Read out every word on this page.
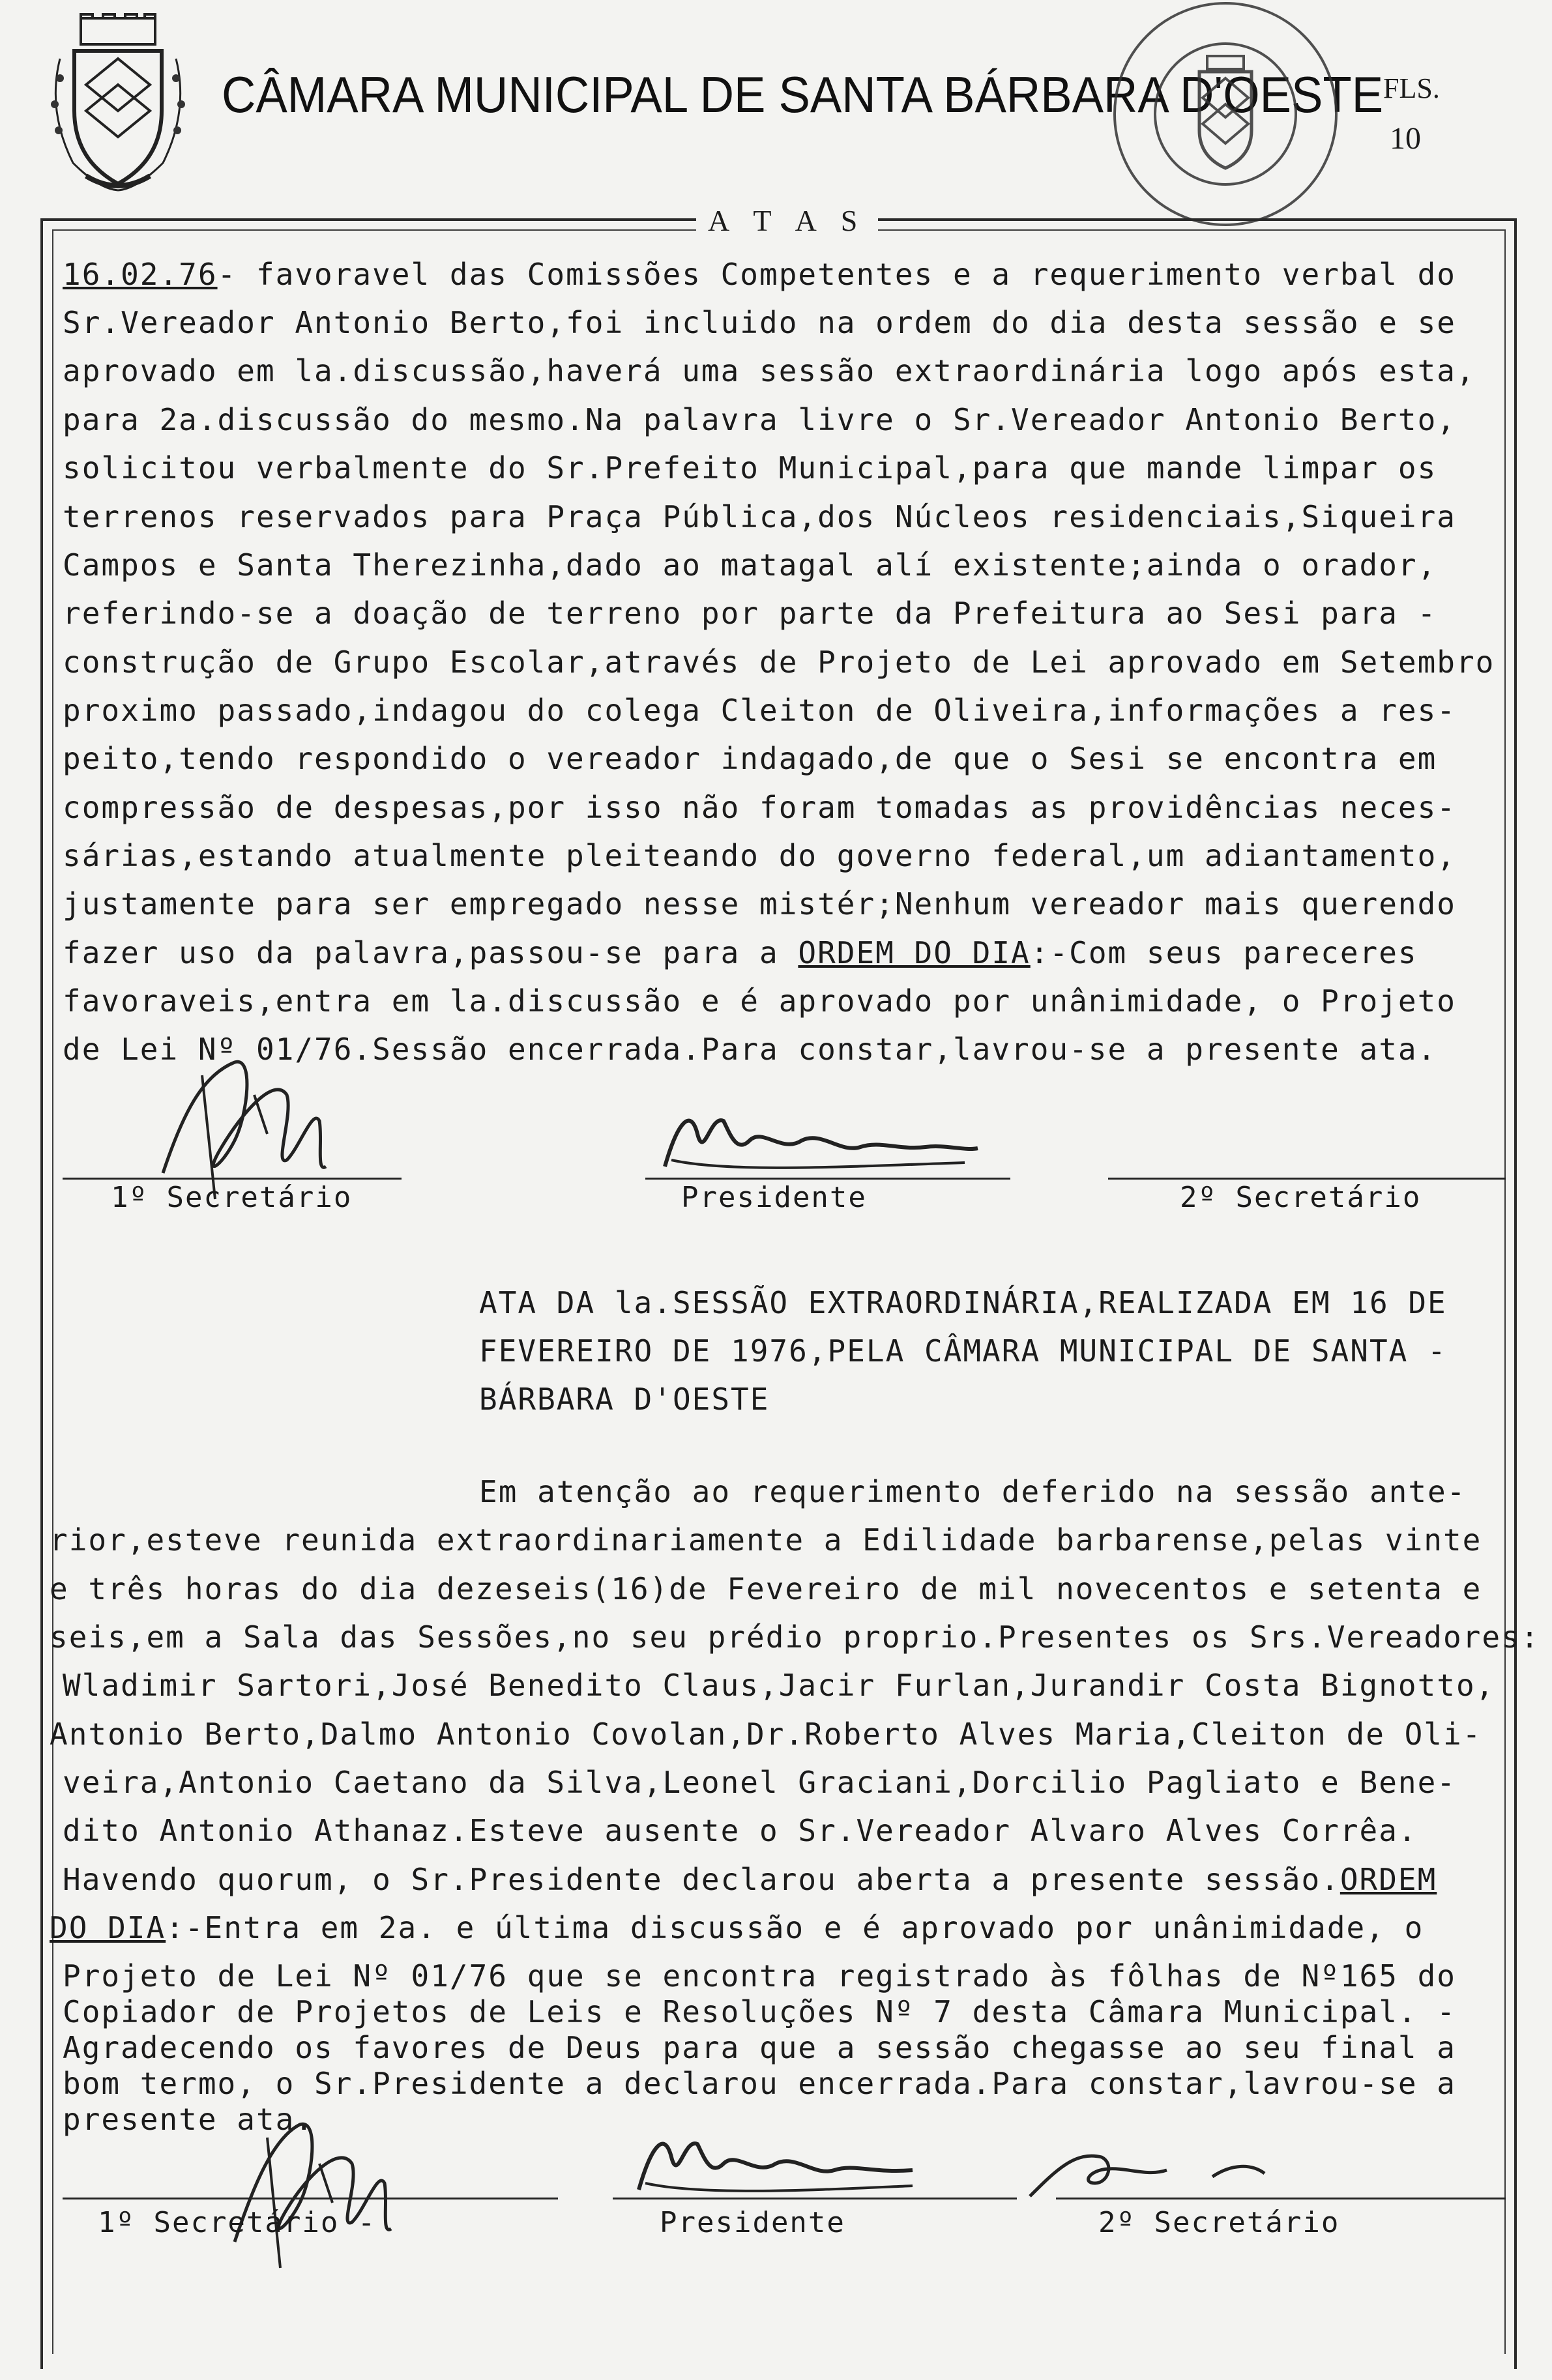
CÂMARA MUNICIPAL DE SANTA BÁRBARA D'OESTE FLS.
10
A T A S
16.02.76- favoravel das Comissões Competentes e a requerimento verbal do
Sr.Vereador Antonio Berto,foi incluido na ordem do dia desta sessão e se
aprovado em la.discussão,haverá uma sessão extraordinária logo após esta,
para 2a.discussão do mesmo.Na palavra livre o Sr.Vereador Antonio Berto,
solicitou verbalmente do Sr.Prefeito Municipal,para que mande limpar os
terrenos reservados para Praça Pública,dos Núcleos residenciais,Siqueira
Campos e Santa Therezinha,dado ao matagal alí existente;ainda o orador,
referindo-se a doação de terreno por parte da Prefeitura ao Sesi para -
construção de Grupo Escolar,através de Projeto de Lei aprovado em Setembro
proximo passado,indagou do colega Cleiton de Oliveira,informações a res-
peito,tendo respondido o vereador indagado,de que o Sesi se encontra em
compressão de despesas,por isso não foram tomadas as providências neces-
sárias,estando atualmente pleiteando do governo federal,um adiantamento,
justamente para ser empregado nesse mistér;Nenhum vereador mais querendo
fazer uso da palavra,passou-se para a ORDEM DO DIA:-Com seus pareceres
favoraveis,entra em la.discussão e é aprovado por unânimidade, o Projeto
de Lei Nº 01/76.Sessão encerrada.Para constar,lavrou-se a presente ata.
1º Secretário	Presidente	2º Secretário
ATA DA la.SESSÃO EXTRAORDINÁRIA,REALIZADA EM 16 DE
FEVEREIRO DE 1976,PELA CÂMARA MUNICIPAL DE SANTA -
BÁRBARA D'OESTE
Em atenção ao requerimento deferido na sessão ante-
rior,esteve reunida extraordinariamente a Edilidade barbarense,pelas vinte
e três horas do dia dezeseis(16)de Fevereiro de mil novecentos e setenta e
seis,em a Sala das Sessões,no seu prédio proprio.Presentes os Srs.Vereadores:
Wladimir Sartori,José Benedito Claus,Jacir Furlan,Jurandir Costa Bignotto,
Antonio Berto,Dalmo Antonio Covolan,Dr.Roberto Alves Maria,Cleiton de Oli-
veira,Antonio Caetano da Silva,Leonel Graciani,Dorcilio Pagliato e Bene-
dito Antonio Athanaz.Esteve ausente o Sr.Vereador Alvaro Alves Corrêa.
Havendo quorum, o Sr.Presidente declarou aberta a presente sessão.ORDEM
DO DIA:-Entra em 2a. e última discussão e é aprovado por unânimidade, o
Projeto de Lei Nº 01/76 que se encontra registrado às fôlhas de Nº165 do
Copiador de Projetos de Leis e Resoluções Nº 7 desta Câmara Municipal. -
Agradecendo os favores de Deus para que a sessão chegasse ao seu final a
bom termo, o Sr.Presidente a declarou encerrada.Para constar,lavrou-se a
presente ata.
1º Secretário -	Presidente	2º Secretário
